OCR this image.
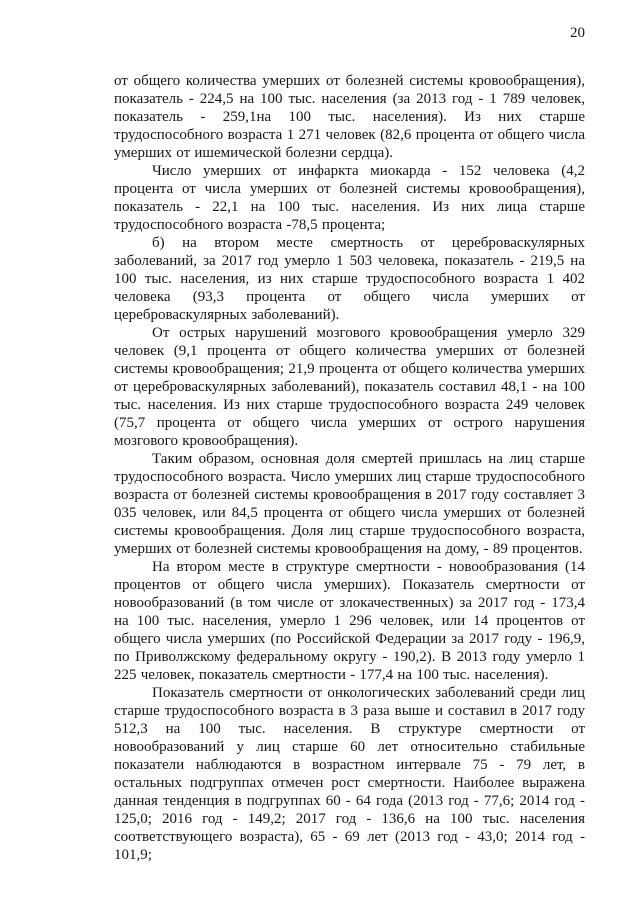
20

от общего количества умерших от болезней системы кровообращения), показатель - 224,5 на 100 тыс. населения (за 2013 год - 1 789 человек, показатель - 259,1на 100 тыс. населения). Из них старше трудоспособного возраста 1 271 человек (82,6 процента от общего числа умерших от ишемической болезни сердца).

Число умерших от инфаркта миокарда - 152 человека (4,2 процента от числа умерших от болезней системы кровообращения), показатель - 22,1 на 100 тыс. населения. Из них лица старше трудоспособного возраста -78,5 процента;

б) на втором месте смертность от цереброваскулярных заболеваний, за 2017 год умерло 1 503 человека, показатель - 219,5 на 100 тыс. населения, из них старше трудоспособного возраста 1 402 человека (93,3 процента от общего числа умерших от цереброваскулярных заболеваний).

От острых нарушений мозгового кровообращения умерло 329 человек (9,1 процента от общего количества умерших от болезней системы кровообращения; 21,9 процента от общего количества умерших от цереброваскулярных заболеваний), показатель составил 48,1 - на 100 тыс. населения. Из них старше трудоспособного возраста 249 человек (75,7 процента от общего числа умерших от острого нарушения мозгового кровообращения).

Таким образом, основная доля смертей пришлась на лиц старше трудоспособного возраста. Число умерших лиц старше трудоспособного возраста от болезней системы кровообращения в 2017 году составляет 3 035 человек, или 84,5 процента от общего числа умерших от болезней системы кровообращения. Доля лиц старше трудоспособного возраста, умерших от болезней системы кровообращения на дому, - 89 процентов.

На втором месте в структуре смертности - новообразования (14 процентов от общего числа умерших). Показатель смертности от новообразований (в том числе от злокачественных) за 2017 год - 173,4 на 100 тыс. населения, умерло 1 296 человек, или 14 процентов от общего числа умерших (по Российской Федерации за 2017 году - 196,9, по Приволжскому федеральному округу - 190,2). В 2013 году умерло 1 225 человек, показатель смертности - 177,4 на 100 тыс. населения).

Показатель смертности от онкологических заболеваний среди лиц старше трудоспособного возраста в 3 раза выше и составил в 2017 году 512,3 на 100 тыс. населения. В структуре смертности от новообразований у лиц старше 60 лет относительно стабильные показатели наблюдаются в возрастном интервале 75 - 79 лет, в остальных подгруппах отмечен рост смертности. Наиболее выражена данная тенденция в подгруппах 60 - 64 года (2013 год - 77,6; 2014 год - 125,0; 2016 год - 149,2; 2017 год - 136,6 на 100 тыс. населения соответствующего возраста), 65 - 69 лет (2013 год - 43,0; 2014 год - 101,9;
